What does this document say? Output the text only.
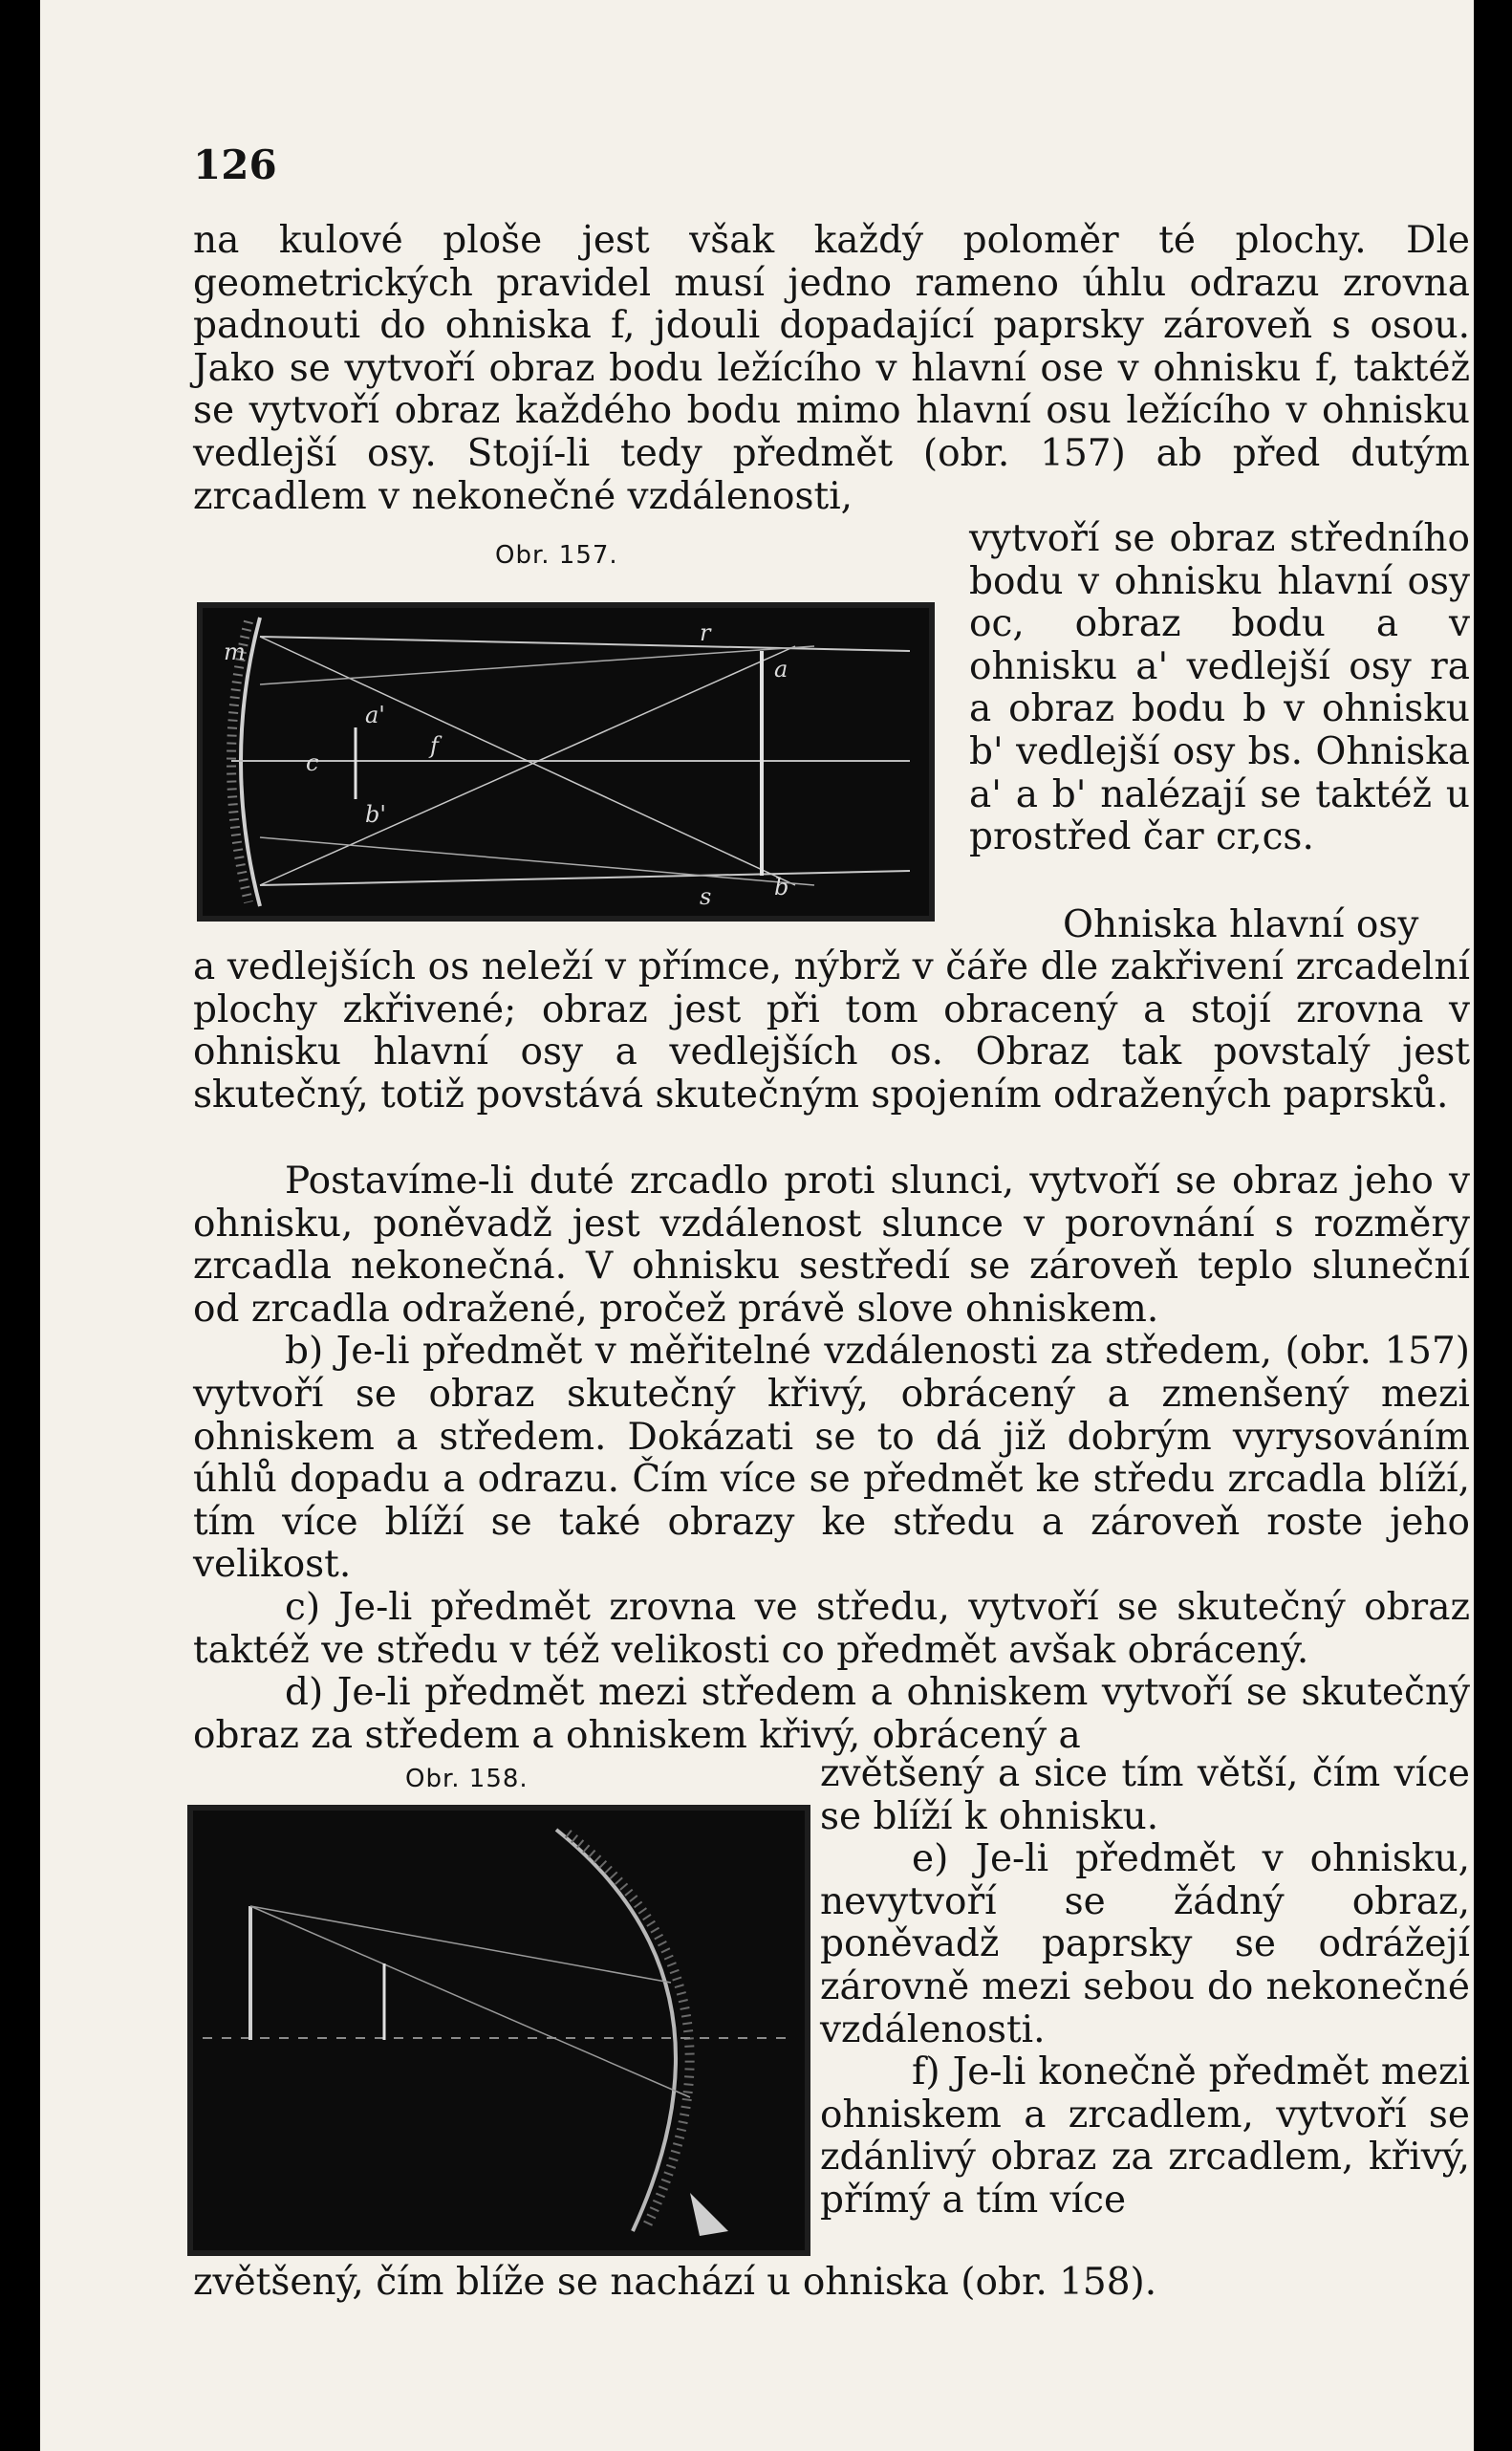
126

na kulové ploše jest však každý poloměr té plochy. Dle geometrických pravidel musí jedno rameno úhlu odrazu zrovna padnouti do ohniska f, jdouli dopadající paprsky zároveň s osou. Jako se vytvoří obraz bodu ležícího v hlavní ose v ohnisku f, taktéž se vytvoří obraz každého bodu mimo hlavní osu ležícího v ohnisku vedlejší osy. Stojí-li tedy předmět (obr. 157) ab před dutým zrcadlem v nekonečné vzdálenosti,

Obr. 157.
m
c
a'
b'
f
r
a
b
s

vytvoří se obraz středního bodu v ohnisku hlavní osy oc, obraz bodu a v ohnisku a' vedlejší osy ra a obraz bodu b v ohnisku b' vedlejší osy bs. Ohniska a' a b' nalézají se taktéž u prostřed čar cr,cs.

Ohniska hlavní osy

a vedlejších os neleží v přímce, nýbrž v čáře dle zakřivení zrcadelní plochy zkřivené; obraz jest při tom obracený a stojí zrovna v ohnisku hlavní osy a vedlejších os. Obraz tak povstalý jest skutečný, totiž povstává skutečným spojením odražených paprsků.

Postavíme-li duté zrcadlo proti slunci, vytvoří se obraz jeho v ohnisku, poněvadž jest vzdálenost slunce v porovnání s rozměry zrcadla nekonečná. V ohnisku sestředí se zároveň teplo sluneční od zrcadla odražené, pročež právě slove ohniskem.

b) Je-li předmět v měřitelné vzdálenosti za středem, (obr. 157) vytvoří se obraz skutečný křivý, obrácený a zmenšený mezi ohniskem a středem. Dokázati se to dá již dobrým vyrysováním úhlů dopadu a odrazu. Čím více se předmět ke středu zrcadla blíží, tím více blíží se také obrazy ke středu a zároveň roste jeho velikost.

c) Je-li předmět zrovna ve středu, vytvoří se skutečný obraz taktéž ve středu v též velikosti co předmět avšak obrácený.

d) Je-li předmět mezi středem a ohniskem vytvoří se skutečný obraz za středem a ohniskem křivý, obrácený a

Obr. 158.	zvětšený a sice tím větší, čím více se blíží k ohnisku.

e) Je-li předmět v ohnisku, nevytvoří se žádný obraz, poněvadž paprsky se odrážejí zárovně mezi sebou do nekonečné vzdálenosti.

f) Je-li konečně předmět mezi ohniskem a zrcadlem, vytvoří se zdánlivý obraz za zrcadlem, křivý, přímý a tím více

zvětšený, čím blíže se nachází u ohniska (obr. 158).
